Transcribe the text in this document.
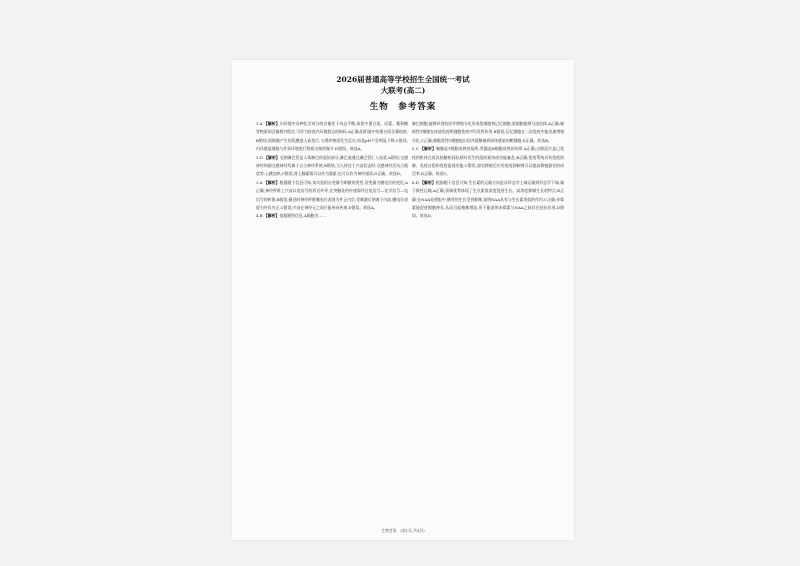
2026届普通高等学校招生全国统一考试
大联考(高二)
生物　参考答案

1.A 【解析】内环境中各种化学成分的含量处于动态平衡,血浆中蛋白质、尿素、葡萄糖等物质的含量相对稳定,可作为检查内环境稳态的指标,A正确;组织液中的蛋白质含量较低,B错误;肌细胞产生的乳酸进入血浆后,与缓冲物质发生反应,血浆pH不会明显下降,C错误;内环境是细胞与外界环境进行物质交换的媒介,D错误。故选A。

2.D 【解析】毛细淋巴管是人体淋巴的起始部分,淋巴液通过淋巴管汇入血浆,A错误;交感神经和副交感神经均属于自主神经系统,B错误;当人体处于兴奋状态时,交感神经活动占据优势,心跳加快,C错误;肾上腺素既可以作为激素,也可以作为神经递质,D正确。故选D。

3.A 【解析】根据题干信息可知,该实验的自变量为刺激的类型,因变量为膜电位的变化,A正确;神经纤维上兴奋以电信号的形式传导,在突触处的传递需经过电信号—化学信号—电信号的转换,B错误;静息时神经纤维膜电位表现为外正内负,受刺激后钠离子内流,膜电位表现为外负内正,C错误;兴奋在神经元之间只能单向传递,D错误。故选A。

4.B 【解析】依据题图信息,A细胞为……

淋巴细胞,能够识别抗原并增殖分化形成浆细胞和记忆细胞,浆细胞能够分泌抗体,A正确;辅助性T细胞在体液免疫和细胞免疫中均发挥作用,B错误;记忆细胞在二次免疫中能迅速增殖分化,C正确;细胞毒性T细胞能识别并裂解被病原体感染的靶细胞,D正确。故选B。

5.C 【解析】胸腺是T细胞成熟的场所,骨髓是B细胞成熟的场所,A正确;过敏反应是已免疫的机体在再次接触相同抗原时发生的组织损伤或功能紊乱,B正确;免疫系统具有免疫防御、免疫自稳和免疫监视功能,C错误;器官移植后应用免疫抑制剂可以提高移植器官的成活率,D正确。故选C。

6.D 【解析】根据题干信息可知,生长素的运输方向是从形态学上端运输到形态学下端,属于极性运输,A正确;顶端优势体现了生长素低浓度促进生长、高浓度抑制生长的特点,B正确;在NAA处理组中,侧芽的生长受到抑制,说明NAA具有与生长素类似的作用,C正确;赤霉素能促进细胞伸长,从而引起植株增高,但不能说明赤霉素与NAA之间存在拮抗作用,D错误。故选D。

生物答案　(第1页,共4页)
